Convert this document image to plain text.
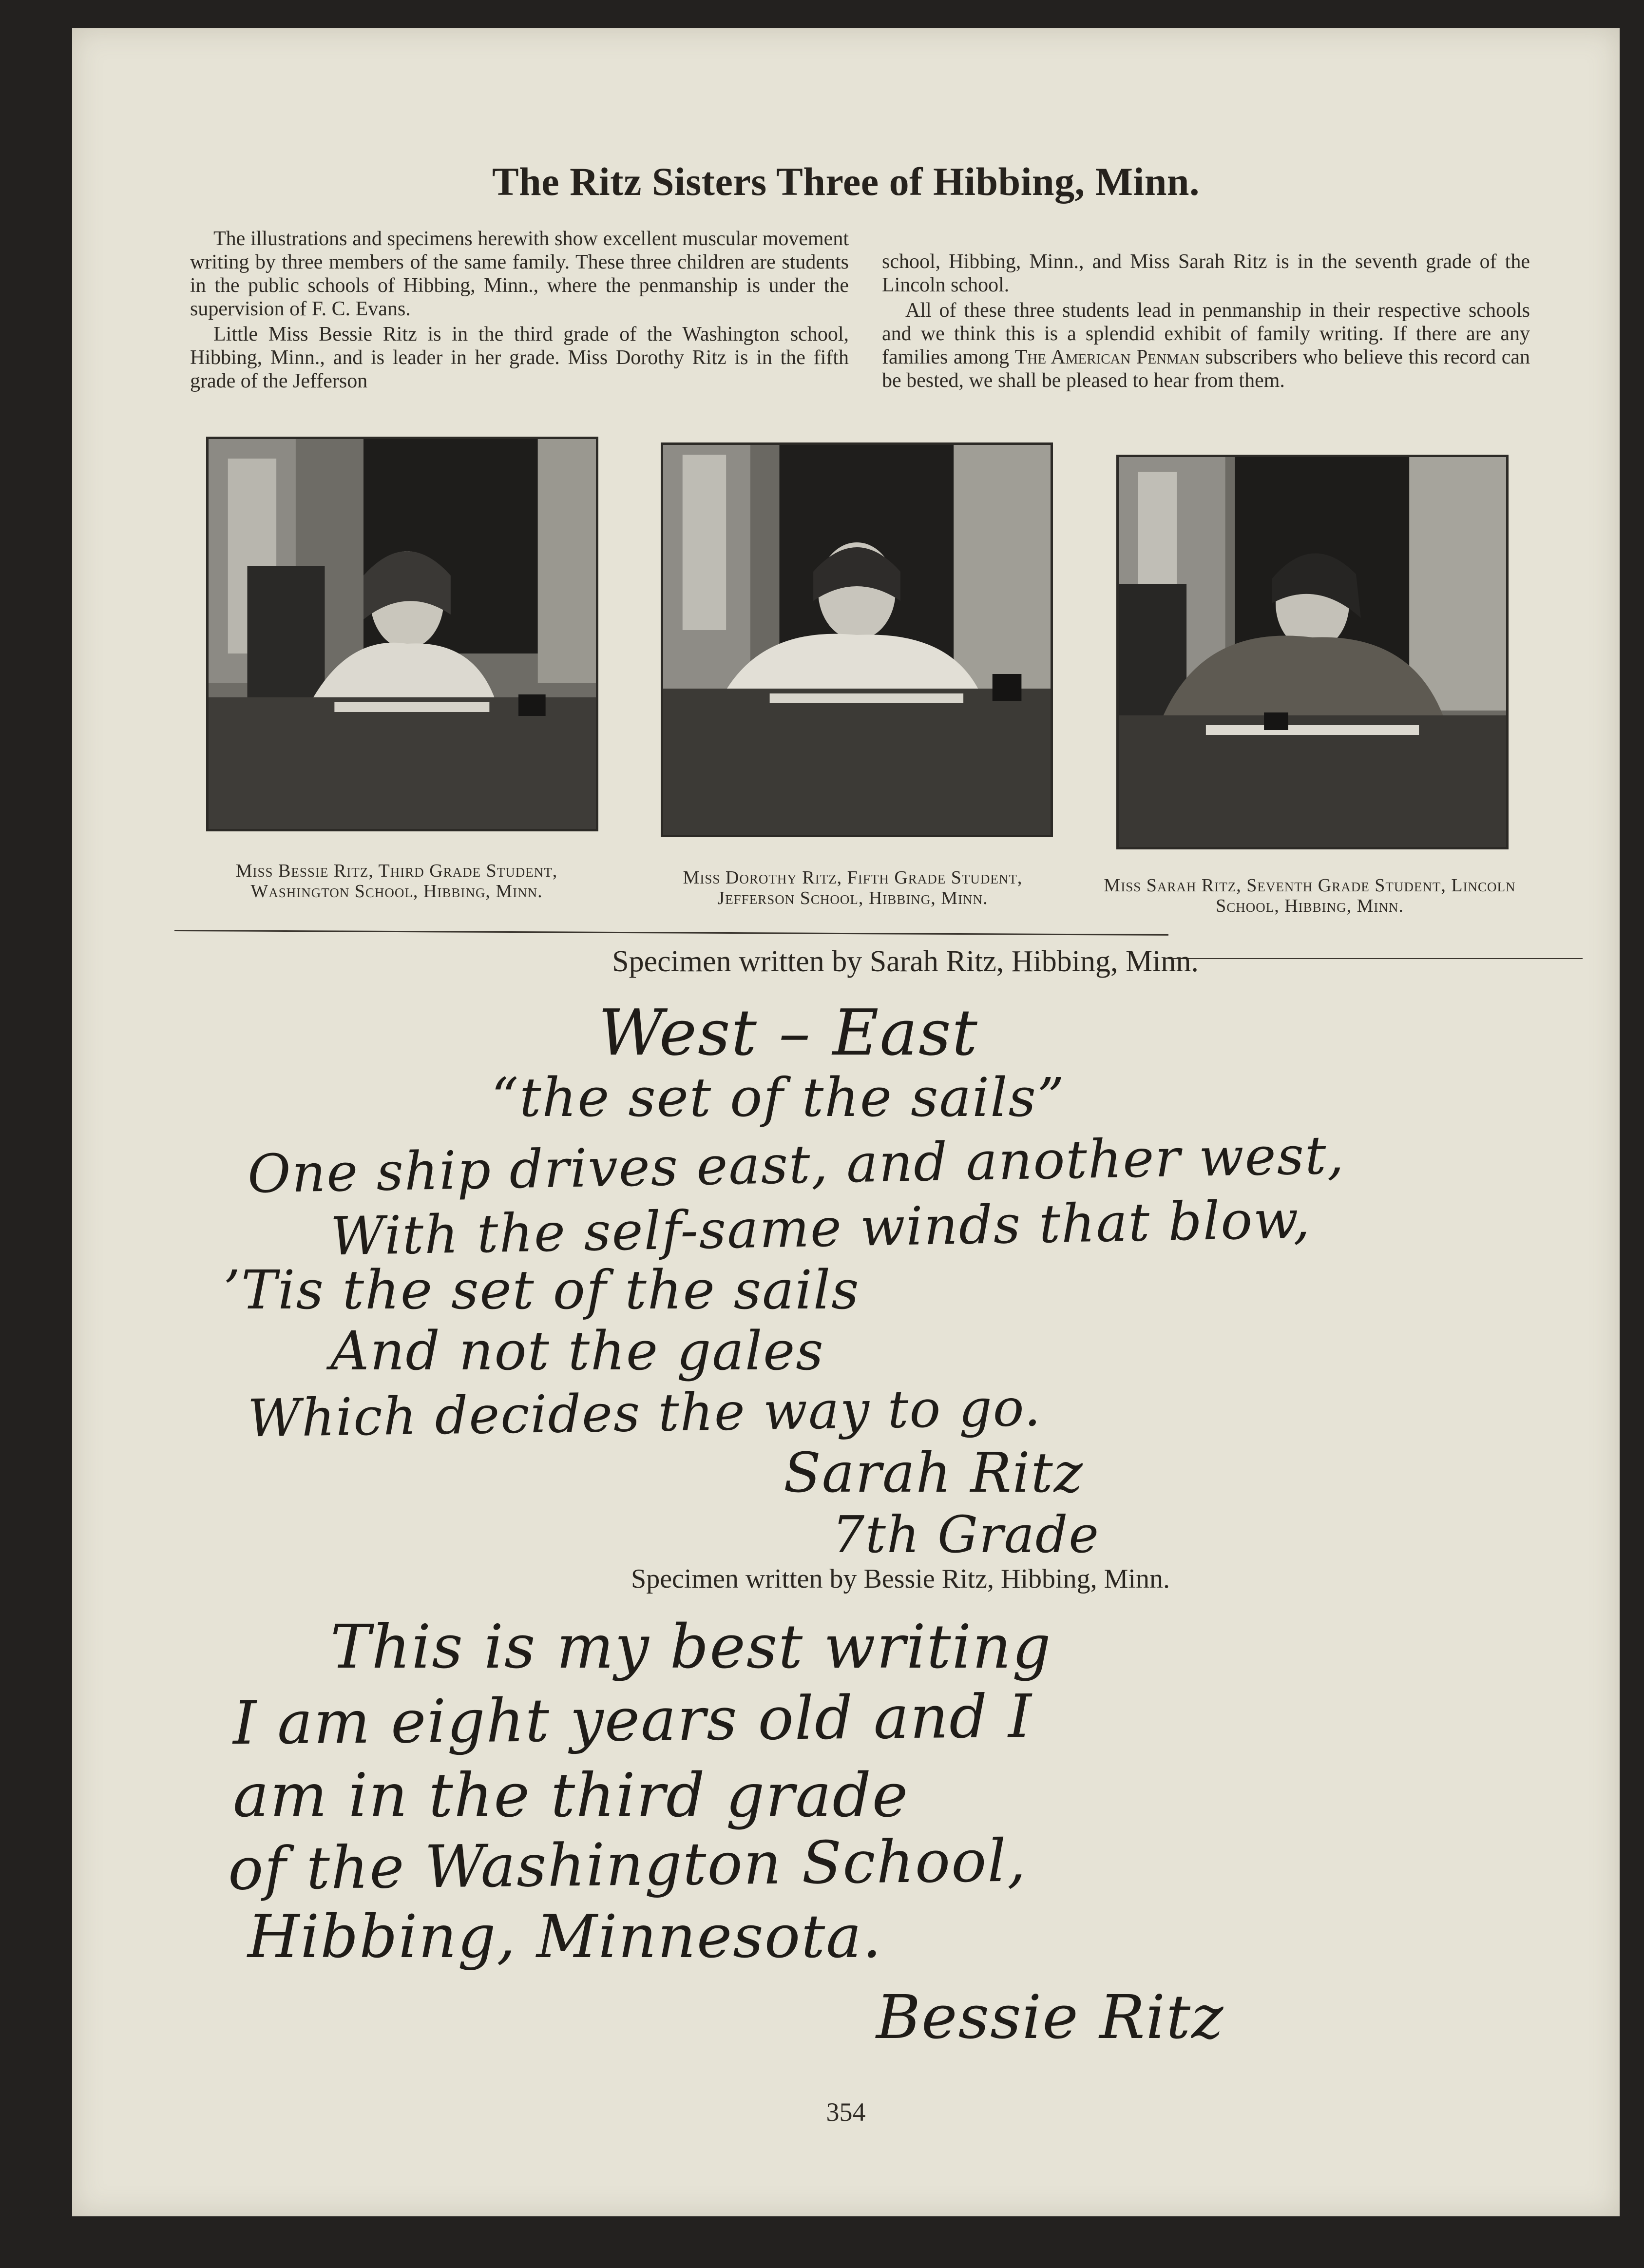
The Ritz Sisters Three of Hibbing, Minn.

The illustrations and specimens herewith show excellent muscular movement writing by three members of the same family. These three children are students in the public schools of Hibbing, Minn., where the penmanship is under the supervision of F. C. Evans.

Little Miss Bessie Ritz is in the third grade of the Washington school, Hibbing, Minn., and is leader in her grade. Miss Dorothy Ritz is in the fifth grade of the Jefferson

school, Hibbing, Minn., and Miss Sarah Ritz is in the seventh grade of the Lincoln school.

All of these three students lead in penmanship in their respective schools and we think this is a splendid exhibit of family writing. If there are any families among The American Penman subscribers who believe this record can be bested, we shall be pleased to hear from them.

Miss Bessie Ritz, Third Grade Student, Washington School, Hibbing, Minn.
Miss Dorothy Ritz, Fifth Grade Student, Jefferson School, Hibbing, Minn.
Miss Sarah Ritz, Seventh Grade Student, Lincoln School, Hibbing, Minn.
Specimen written by Sarah Ritz, Hibbing, Minn.
West – East
“the set of the sails”
One ship drives east, and another west,
With the self-same winds that blow,
’Tis the set of the sails
And not the gales
Which decides the way to go.
Sarah Ritz
7th Grade
Specimen written by Bessie Ritz, Hibbing, Minn.
This is my best writing
I am eight years old and I
am in the third grade
of the Washington School,
Hibbing, Minnesota.
Bessie Ritz
354
